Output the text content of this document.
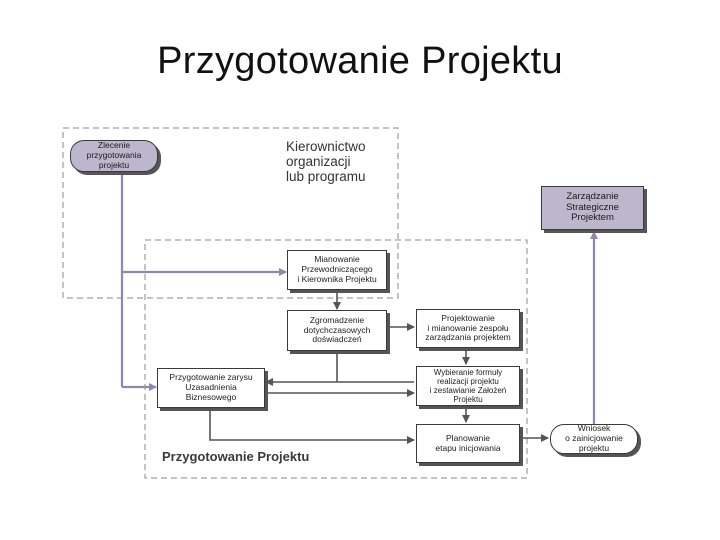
Przygotowanie Projektu
Kierownictwo
organizacji
lub programu
Przygotowanie Projektu
Zlecenie
przygotowania
projektu
Mianowanie
Przewodniczącego
i Kierownika Projektu
Zgromadzenie
dotychczasowych
doświadczeń
Projektowanie
i mianowanie zespołu
zarządzania projektem
Przygotowanie zarysu
Uzasadnienia
Biznesowego
Wybieranie formuły
realizacji projektu
i zestawianie Założeń
Projektu
Planowanie
etapu inicjowania
Zarządzanie
Strategiczne
Projektem
Wniosek
o zainicjowanie
projektu
